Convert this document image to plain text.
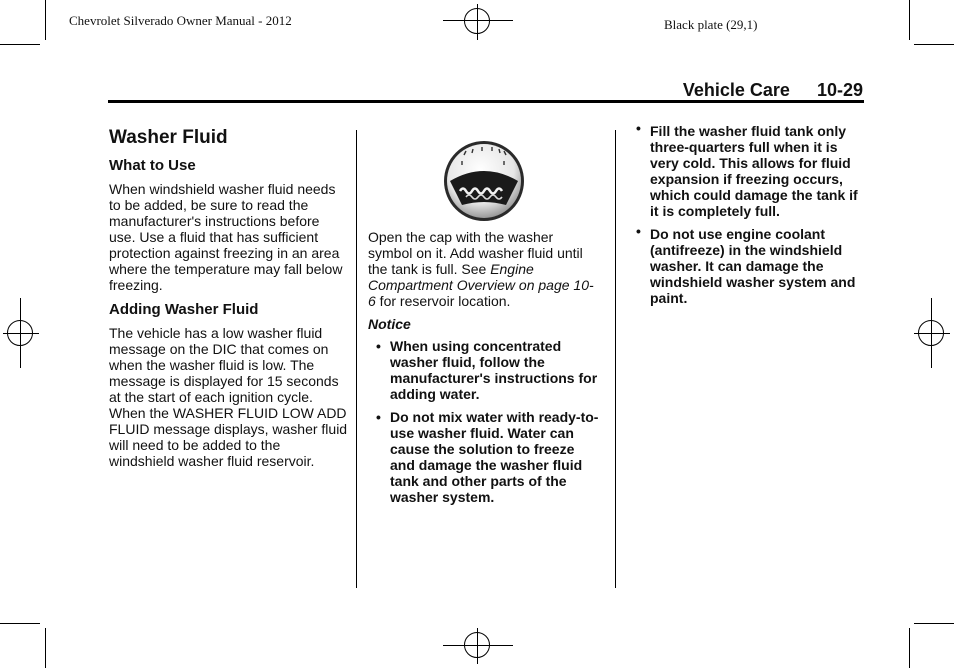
Chevrolet Silverado Owner Manual - 2012	Black plate (29,1)
Vehicle Care 10-29
Washer Fluid
What to Use

When windshield washer fluid needs to be added, be sure to read the manufacturer's instructions before use. Use a fluid that has sufficient protection against freezing in an area where the temperature may fall below freezing.

Adding Washer Fluid

The vehicle has a low washer fluid message on the DIC that comes on when the washer fluid is low. The message is displayed for 15 seconds at the start of each ignition cycle. When the WASHER FLUID LOW ADD FLUID message displays, washer fluid will need to be added to the windshield washer fluid reservoir.

Open the cap with the washer symbol on it. Add washer fluid until the tank is full. See Engine Compartment Overview on page 10-6 for reservoir location.

Notice
• When using concentrated washer fluid, follow the manufacturer's instructions for adding water.
• Do not mix water with ready-to-use washer fluid. Water can cause the solution to freeze and damage the washer fluid tank and other parts of the washer system.
• Fill the washer fluid tank only three-quarters full when it is very cold. This allows for fluid expansion if freezing occurs, which could damage the tank if it is completely full.
• Do not use engine coolant (antifreeze) in the windshield washer. It can damage the windshield washer system and paint.
